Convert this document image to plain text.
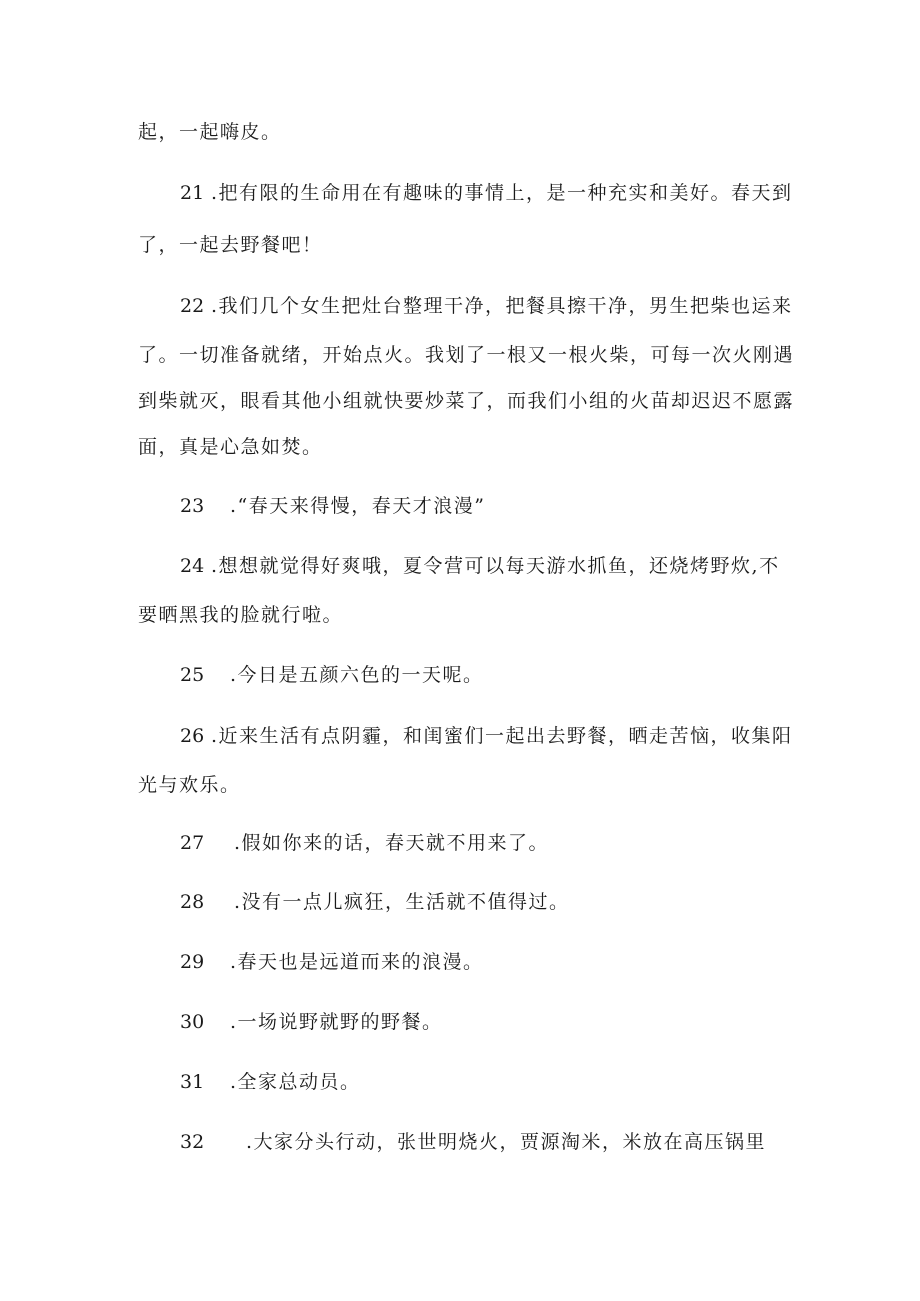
起，一起嗨皮。
21 .把有限的生命用在有趣味的事情上，是一种充实和美好。春天到
了，一起去野餐吧！
22 .我们几个女生把灶台整理干净，把餐具擦干净，男生把柴也运来
了。一切准备就绪，开始点火。我划了一根又一根火柴，可每一次火刚遇
到柴就灭，眼看其他小组就快要炒菜了，而我们小组的火苗却迟迟不愿露
面，真是心急如焚。
23 .“春天来得慢，春天才浪漫”
24 .想想就觉得好爽哦，夏令营可以每天游水抓鱼，还烧烤野炊,不
要晒黑我的脸就行啦。
25 .今日是五颜六色的一天呢。
26 .近来生活有点阴霾，和闺蜜们一起出去野餐，晒走苦恼，收集阳
光与欢乐。
27 .假如你来的话，春天就不用来了。
28 .没有一点儿疯狂，生活就不值得过。
29 .春天也是远道而来的浪漫。
30 .一场说野就野的野餐。
31 .全家总动员。
32 .大家分头行动，张世明烧火，贾源淘米，米放在高压锅里
